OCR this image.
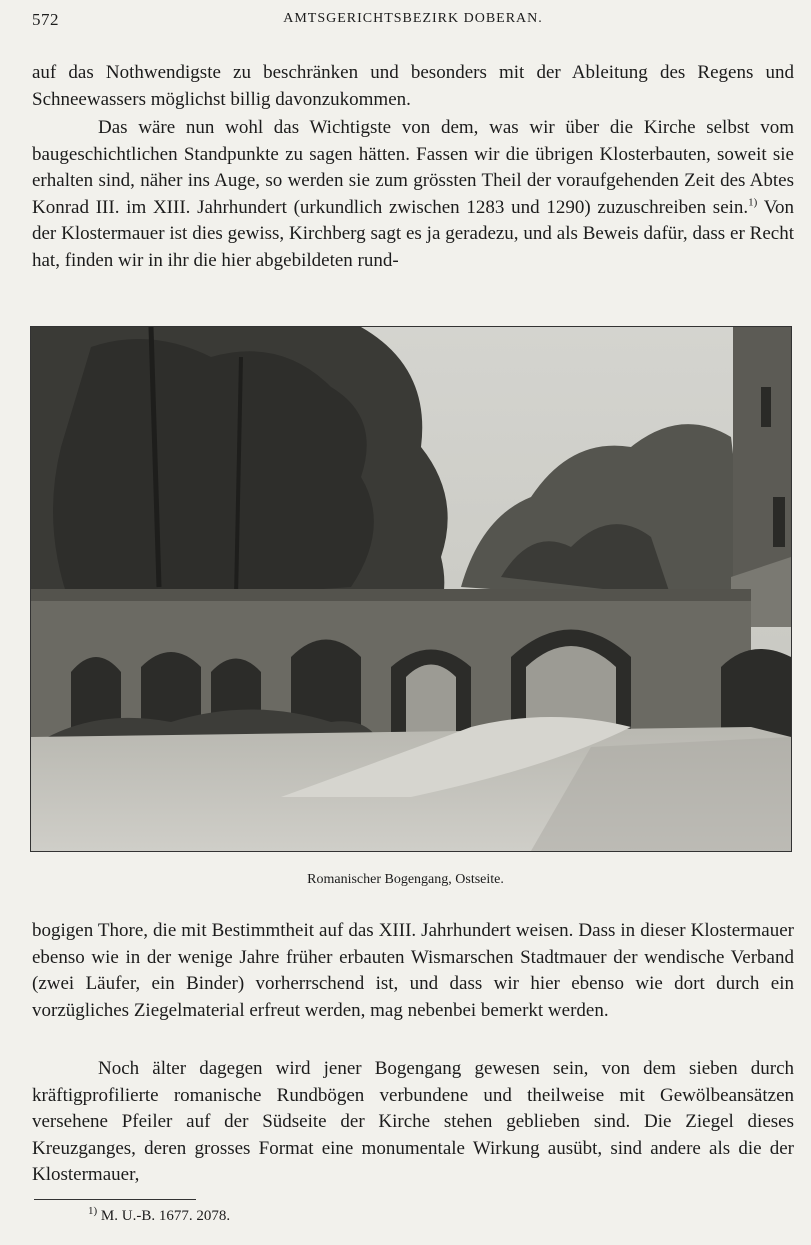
572	AMTSGERICHTSBEZIRK DOBERAN.

auf das Nothwendigste zu beschränken und besonders mit der Ableitung des Regens und Schneewassers möglichst billig davonzukommen.

Das wäre nun wohl das Wichtigste von dem, was wir über die Kirche selbst vom baugeschichtlichen Standpunkte zu sagen hätten. Fassen wir die übrigen Klosterbauten, soweit sie erhalten sind, näher ins Auge, so werden sie zum grössten Theil der voraufgehenden Zeit des Abtes Konrad III. im XIII. Jahrhundert (urkundlich zwischen 1283 und 1290) zuzuschreiben sein.$^{1)}$ Von der Klostermauer ist dies gewiss, Kirchberg sagt es ja geradezu, und als Beweis dafür, dass er Recht hat, finden wir in ihr die hier abgebildeten rund-

Romanischer Bogengang, Ostseite.

bogigen Thore, die mit Bestimmtheit auf das XIII. Jahrhundert weisen. Dass in dieser Klostermauer ebenso wie in der wenige Jahre früher erbauten Wismarschen Stadtmauer der wendische Verband (zwei Läufer, ein Binder) vorherrschend ist, und dass wir hier ebenso wie dort durch ein vorzügliches Ziegelmaterial erfreut werden, mag nebenbei bemerkt werden.

Noch älter dagegen wird jener Bogengang gewesen sein, von dem sieben durch kräftigprofilierte romanische Rundbögen verbundene und theilweise mit Gewölbeansätzen versehene Pfeiler auf der Südseite der Kirche stehen geblieben sind. Die Ziegel dieses Kreuzganges, deren grosses Format eine monumentale Wirkung ausübt, sind andere als die der Klostermauer,

$^{1)}$ M. U.-B. 1677. 2078.
